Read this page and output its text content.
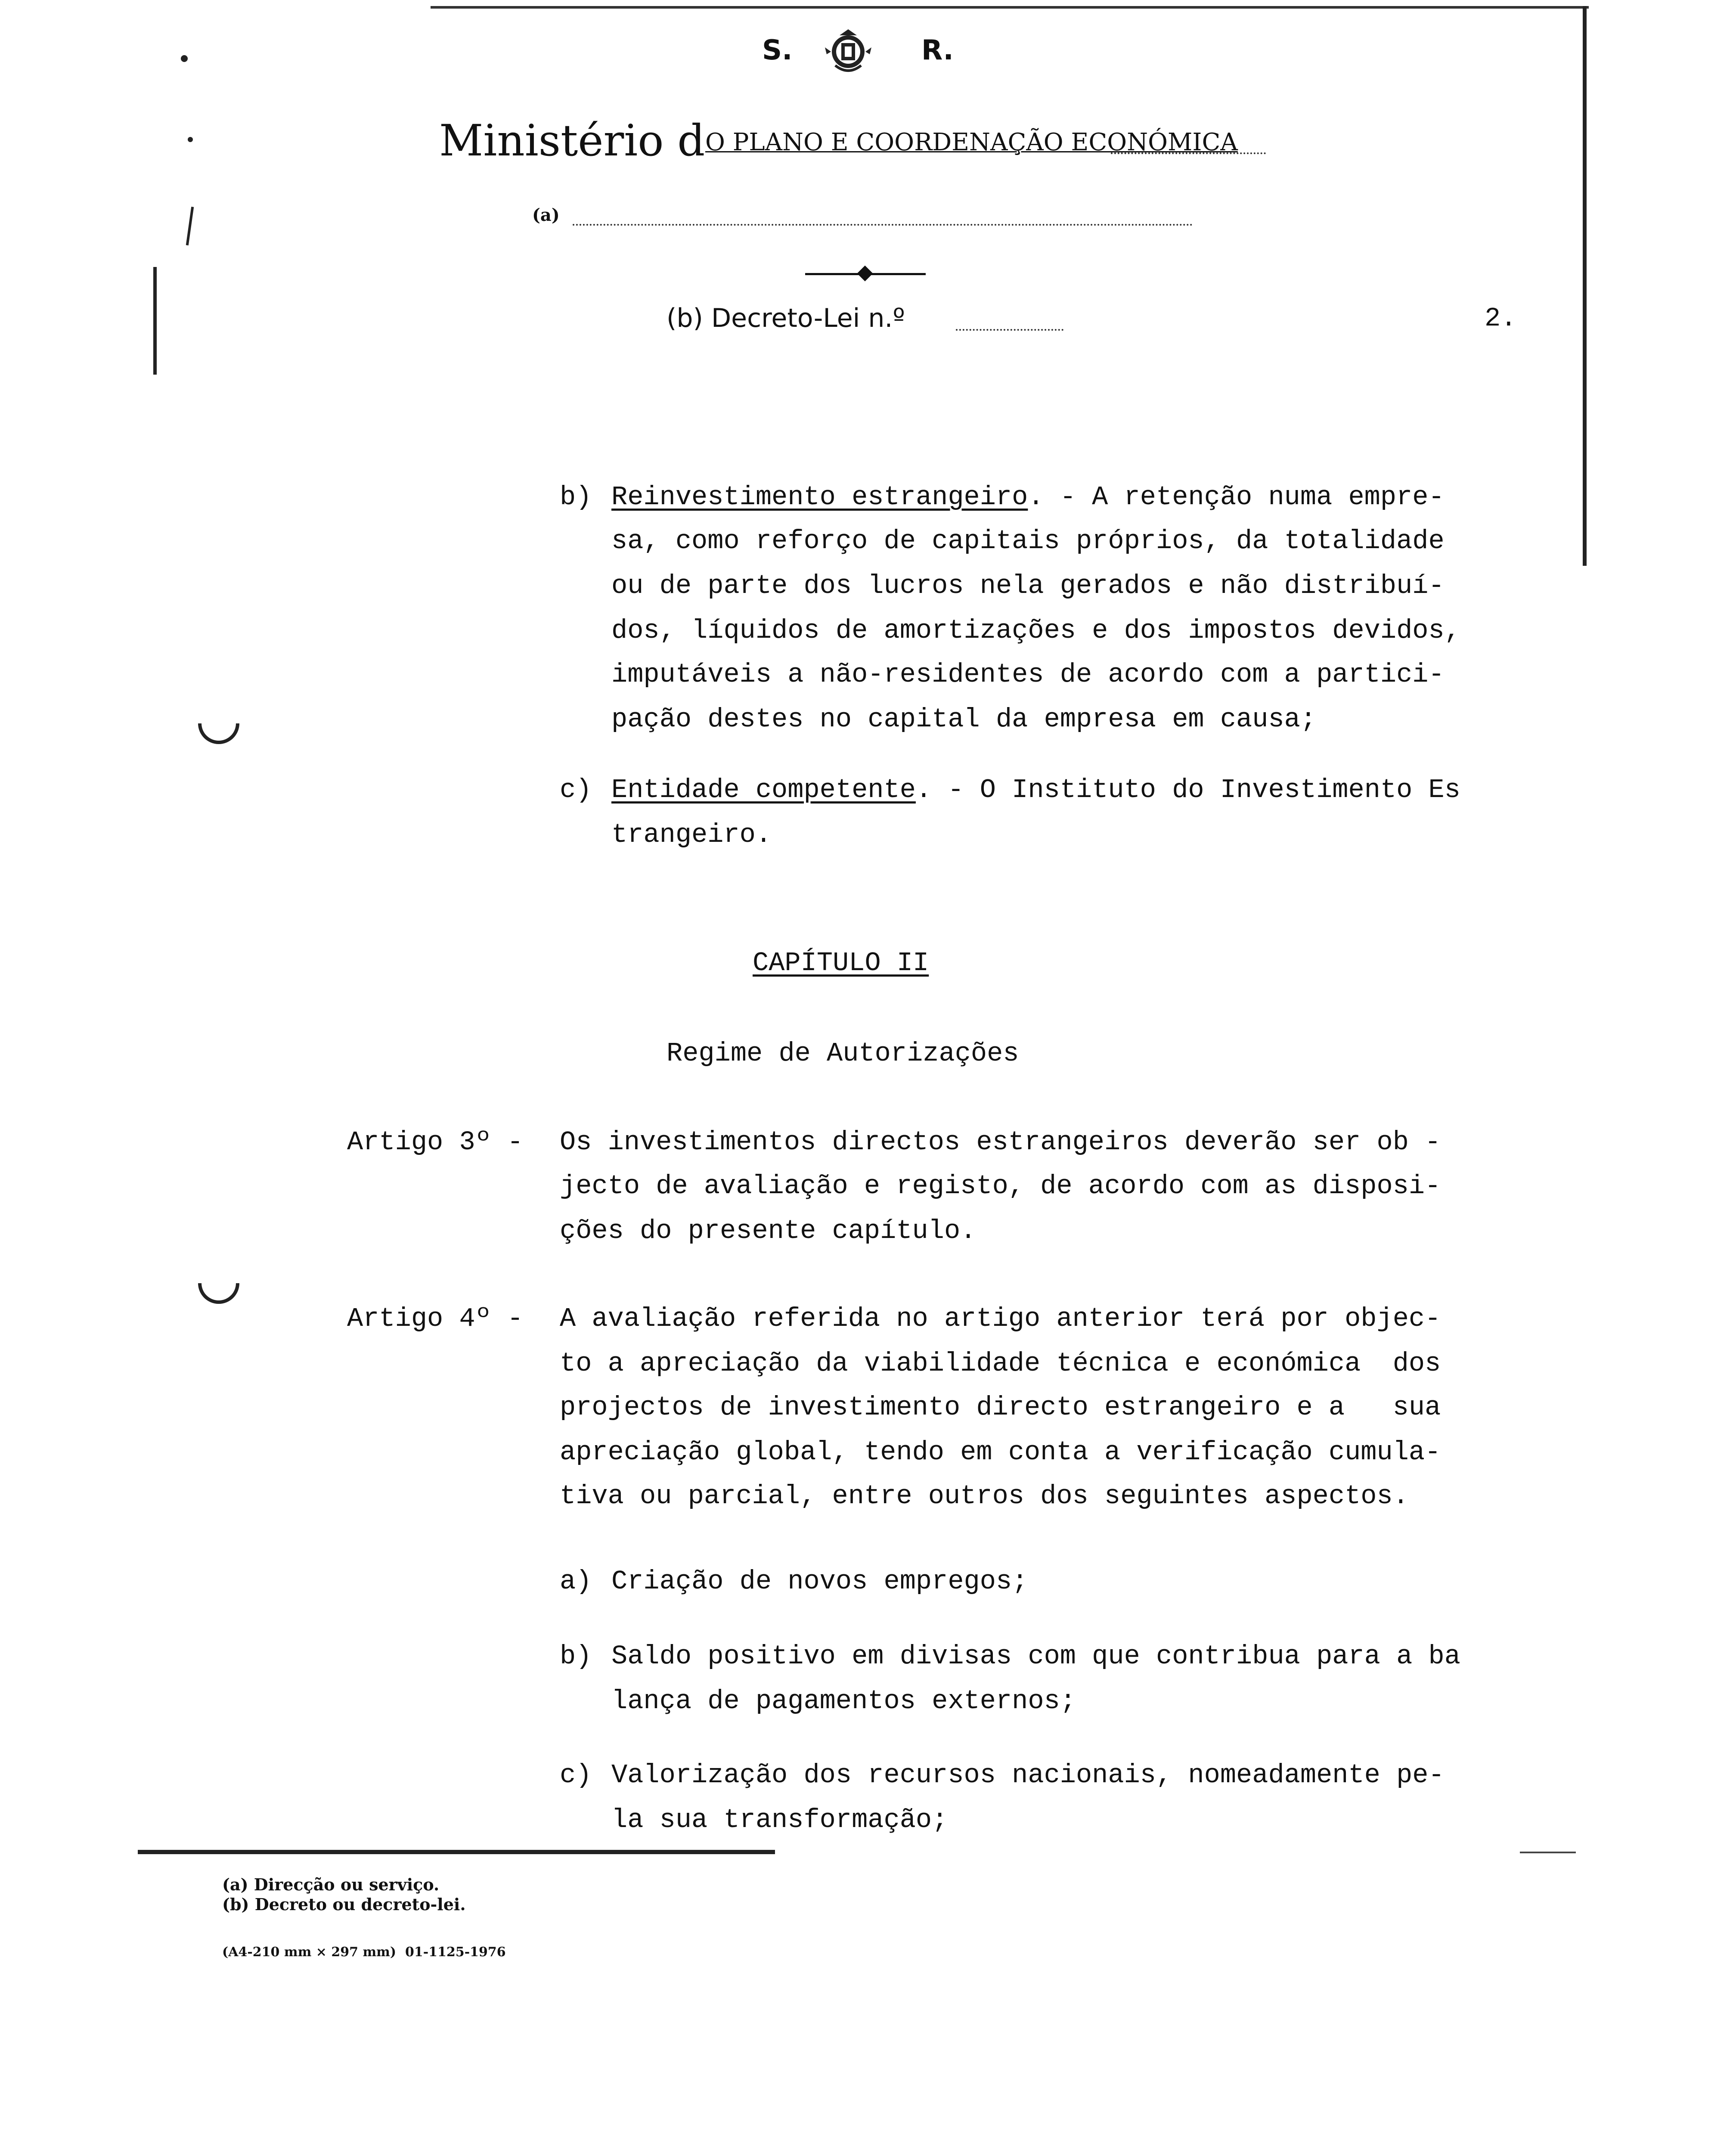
S.	R.
Ministério d O PLANO E COORDENAÇÃO ECONÓMICA
(a)
(b) Decreto-Lei n.º	2.
b) Reinvestimento estrangeiro. - A retenção numa empre-
sa, como reforço de capitais próprios, da totalidade
ou de parte dos lucros nela gerados e não distribuí-
dos, líquidos de amortizações e dos impostos devidos,
imputáveis a não-residentes de acordo com a partici-
pação destes no capital da empresa em causa;
c) Entidade competente. - O Instituto do Investimento Es
trangeiro.
CAPÍTULO II
Regime de Autorizações
Artigo 3º - Os investimentos directos estrangeiros deverão ser ob -
jecto de avaliação e registo, de acordo com as disposi-
ções do presente capítulo.
Artigo 4º - A avaliação referida no artigo anterior terá por objec-
to a apreciação da viabilidade técnica e económica  dos
projectos de investimento directo estrangeiro e a   sua
apreciação global, tendo em conta a verificação cumula-
tiva ou parcial, entre outros dos seguintes aspectos.
a) Criação de novos empregos;
b) Saldo positivo em divisas com que contribua para a ba
lança de pagamentos externos;
c) Valorização dos recursos nacionais, nomeadamente pe-
la sua transformação;
(a) Direcção ou serviço.
(b) Decreto ou decreto-lei.
(A4-210 mm × 297 mm)  01-1125-1976
